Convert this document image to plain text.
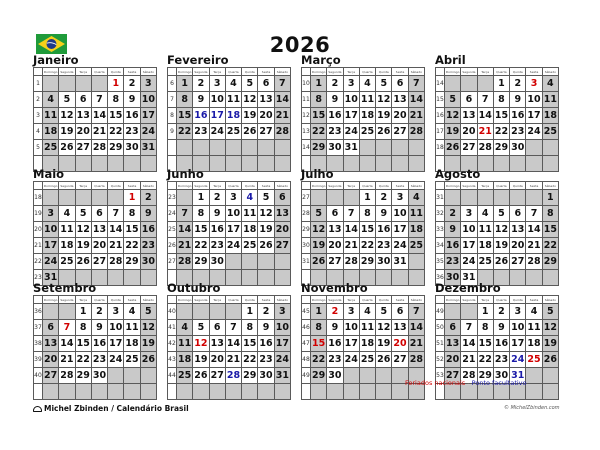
2026
Janeiro
	Domingo	Segunda	Terça	Quarta	Quinta	Sexta	Sábado
1					1	2	3
2	4	5	6	7	8	9	10
3	11	12	13	14	15	16	17
4	18	19	20	21	22	23	24
5	25	26	27	28	29	30	31

Fevereiro
	Domingo	Segunda	Terça	Quarta	Quinta	Sexta	Sábado
6	1	2	3	4	5	6	7
7	8	9	10	11	12	13	14
8	15	16	17	18	19	20	21
9	22	23	24	25	26	27	28

Março
	Domingo	Segunda	Terça	Quarta	Quinta	Sexta	Sábado
10	1	2	3	4	5	6	7
11	8	9	10	11	12	13	14
12	15	16	17	18	19	20	21
13	22	23	24	25	26	27	28
14	29	30	31				

Abril
	Domingo	Segunda	Terça	Quarta	Quinta	Sexta	Sábado
14				1	2	3	4
15	5	6	7	8	9	10	11
16	12	13	14	15	16	17	18
17	19	20	21	22	23	24	25
18	26	27	28	29	30		

Maio
	Domingo	Segunda	Terça	Quarta	Quinta	Sexta	Sábado
18						1	2
19	3	4	5	6	7	8	9
20	10	11	12	13	14	15	16
21	17	18	19	20	21	22	23
22	24	25	26	27	28	29	30
23	31						
Junho
	Domingo	Segunda	Terça	Quarta	Quinta	Sexta	Sábado
23		1	2	3	4	5	6
24	7	8	9	10	11	12	13
25	14	15	16	17	18	19	20
26	21	22	23	24	25	26	27
27	28	29	30				

Julho
	Domingo	Segunda	Terça	Quarta	Quinta	Sexta	Sábado
27				1	2	3	4
28	5	6	7	8	9	10	11
29	12	13	14	15	16	17	18
30	19	20	21	22	23	24	25
31	26	27	28	29	30	31	

Agosto
	Domingo	Segunda	Terça	Quarta	Quinta	Sexta	Sábado
31							1
32	2	3	4	5	6	7	8
33	9	10	11	12	13	14	15
34	16	17	18	19	20	21	22
35	23	24	25	26	27	28	29
36	30	31					
Setembro
	Domingo	Segunda	Terça	Quarta	Quinta	Sexta	Sábado
36			1	2	3	4	5
37	6	7	8	9	10	11	12
38	13	14	15	16	17	18	19
39	20	21	22	23	24	25	26
40	27	28	29	30			

Outubro
	Domingo	Segunda	Terça	Quarta	Quinta	Sexta	Sábado
40					1	2	3
41	4	5	6	7	8	9	10
42	11	12	13	14	15	16	17
43	18	19	20	21	22	23	24
44	25	26	27	28	29	30	31

Novembro
	Domingo	Segunda	Terça	Quarta	Quinta	Sexta	Sábado
45	1	2	3	4	5	6	7
46	8	9	10	11	12	13	14
47	15	16	17	18	19	20	21
48	22	23	24	25	26	27	28
49	29	30					

Dezembro
	Domingo	Segunda	Terça	Quarta	Quinta	Sexta	Sábado
49			1	2	3	4	5
50	6	7	8	9	10	11	12
51	13	14	15	16	17	18	19
52	20	21	22	23	24	25	26
53	27	28	29	30	31		

Feriados nacionais - Ponto facultativo
Michel Zbinden / Calendário Brasil	© MichelZbinden.com
